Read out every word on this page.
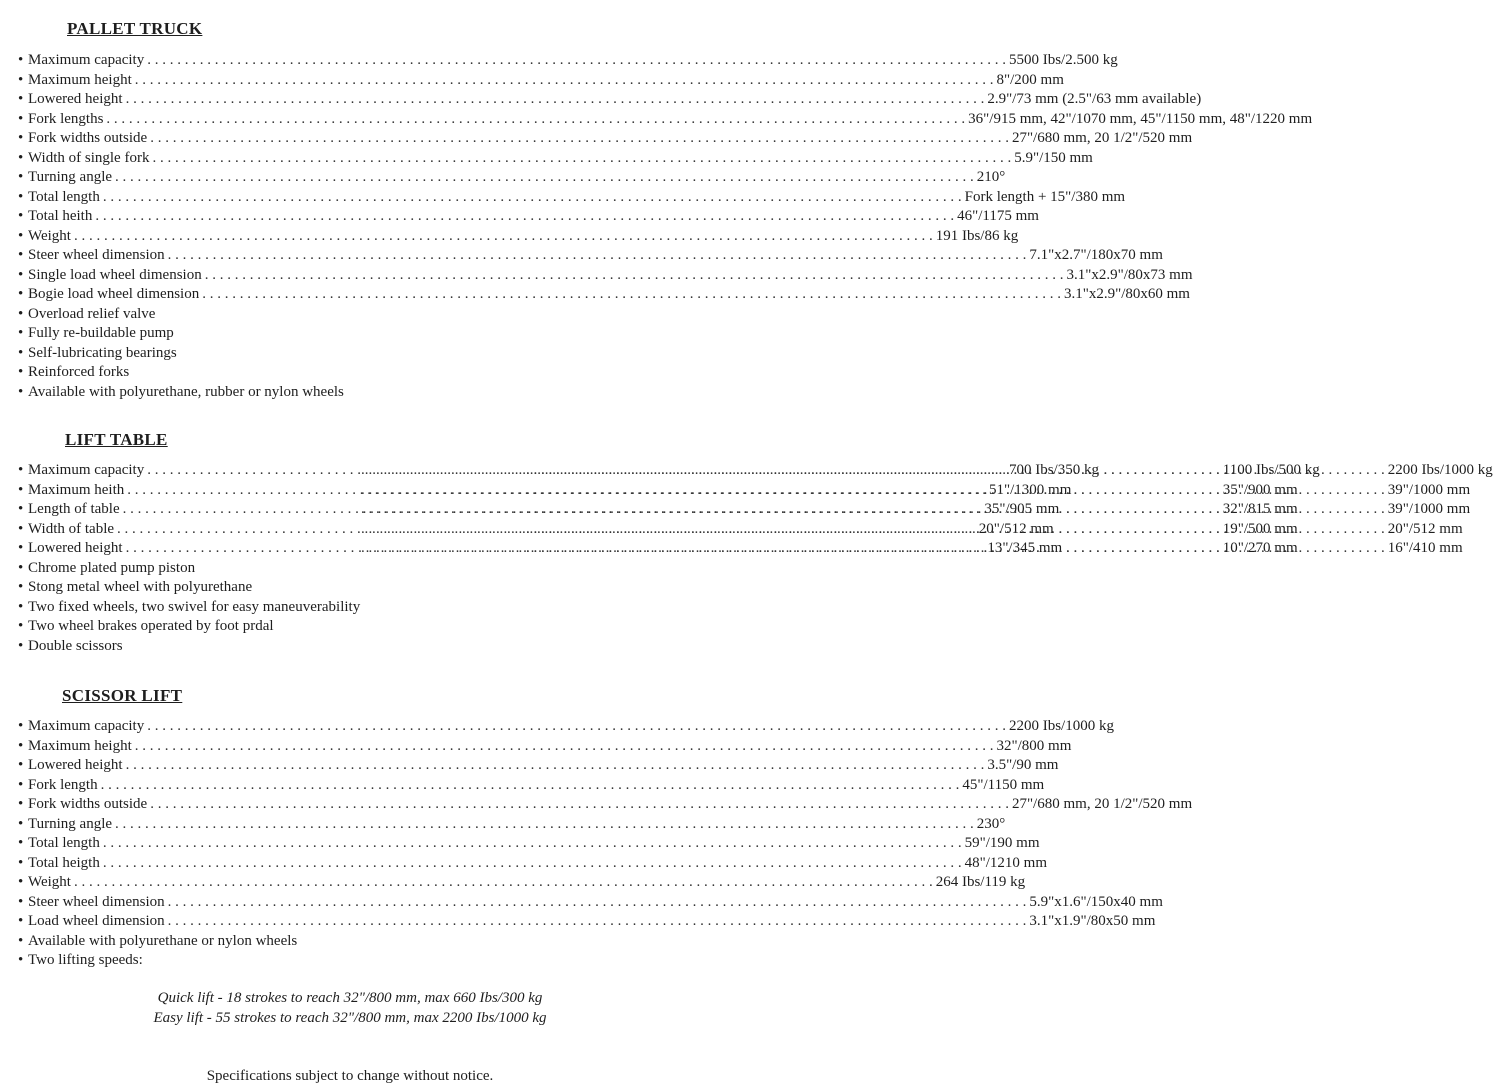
PALLET TRUCK
• Maximum capacity . . .	5500 Ibs/2.500 kg
• Maximum height . . .	8"/200 mm
• Lowered height . . .	2.9"/73 mm (2.5"/63 mm available)
• Fork lengths . . .	36"/915 mm, 42"/1070 mm, 45"/1150 mm, 48"/1220 mm
• Fork widths outside . . .	27"/680 mm, 20 1/2"/520 mm
• Width of single fork . . .	5.9"/150 mm
• Turning angle . . .	210°
• Total length . . .	Fork length + 15"/380 mm
• Total heith . . .	46"/1175 mm
• Weight . . .	191 Ibs/86 kg
• Steer wheel dimension . . .	7.1"x2.7"/180x70 mm
• Single load wheel dimension . . .	3.1"x2.9"/80x73 mm
• Bogie load wheel dimension . . .	3.1"x2.9"/80x60 mm
• Overload relief valve
• Fully re-buildable pump
• Self-lubricating bearings
• Reinforced forks
• Available with polyurethane, rubber or nylon wheels
LIFT TABLE
• Maximum capacity . . .	700 Ibs/350 kg . . .	1100 Ibs/500 kg . . .	2200 Ibs/1000 kg
• Maximum heith . . .	51"/1300 mm . . .	35"/900 mm . . .	39"/1000 mm
• Length of table . . .	35"/905 mm . . .	32"/815 mm . . .	39"/1000 mm
• Width of table . . .	20"/512 mm . . .	19"/500 mm . . .	20"/512 mm
• Lowered height . . .	13"/345 mm . . .	10"/270 mm . . .	16"/410 mm
• Chrome plated pump piston
• Stong metal wheel with polyurethane
• Two fixed wheels, two swivel for easy maneuverability
• Two wheel brakes operated by foot prdal
• Double scissors
SCISSOR LIFT
• Maximum capacity . . .	2200 Ibs/1000 kg
• Maximum height . . .	32"/800 mm
• Lowered height . . .	3.5"/90 mm
• Fork length . . .	45"/1150 mm
• Fork widths outside . . .	27"/680 mm, 20 1/2"/520 mm
• Turning angle . . .	230°
• Total length . . .	59"/190 mm
• Total heigth . . .	48"/1210 mm
• Weight . . .	264 Ibs/119 kg
• Steer wheel dimension . . .	5.9"x1.6"/150x40 mm
• Load wheel dimension . . .	3.1"x1.9"/80x50 mm
• Available with polyurethane or nylon wheels
• Two lifting speeds:
Quick lift - 18 strokes to reach 32"/800 mm, max 660 Ibs/300 kg
Easy lift - 55 strokes to reach 32"/800 mm, max 2200 Ibs/1000 kg
Specifications subject to change without notice.
